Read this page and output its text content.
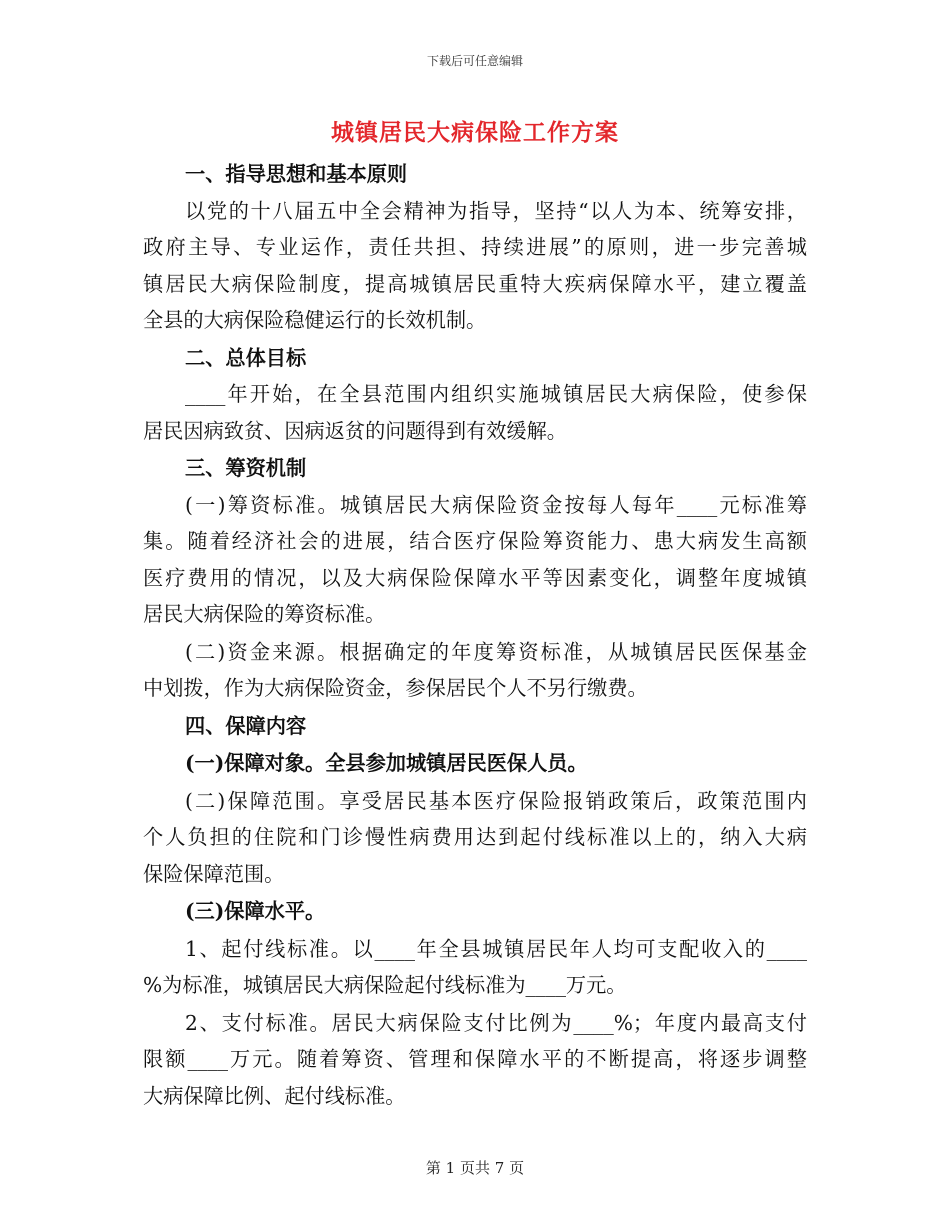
下载后可任意编辑
城镇居民大病保险工作方案
一、指导思想和基本原则
以党的十八届五中全会精神为指导，坚持“以人为本、统筹安排，
政府主导、专业运作，责任共担、持续进展”的原则，进一步完善城
镇居民大病保险制度，提高城镇居民重特大疾病保障水平，建立覆盖
全县的大病保险稳健运行的长效机制。
二、总体目标
____年开始，在全县范围内组织实施城镇居民大病保险，使参保
居民因病致贫、因病返贫的问题得到有效缓解。
三、筹资机制
(一)筹资标准。城镇居民大病保险资金按每人每年____元标准筹
集。随着经济社会的进展，结合医疗保险筹资能力、患大病发生高额
医疗费用的情况，以及大病保险保障水平等因素变化，调整年度城镇
居民大病保险的筹资标准。
(二)资金来源。根据确定的年度筹资标准，从城镇居民医保基金
中划拨，作为大病保险资金，参保居民个人不另行缴费。
四、保障内容
(一)保障对象。全县参加城镇居民医保人员。
(二)保障范围。享受居民基本医疗保险报销政策后，政策范围内
个人负担的住院和门诊慢性病费用达到起付线标准以上的，纳入大病
保险保障范围。
(三)保障水平。
1、起付线标准。以____年全县城镇居民年人均可支配收入的____
%为标准，城镇居民大病保险起付线标准为____万元。
2、支付标准。居民大病保险支付比例为____%；年度内最高支付
限额____万元。随着筹资、管理和保障水平的不断提高，将逐步调整
大病保障比例、起付线标准。
第 1 页共 7 页
